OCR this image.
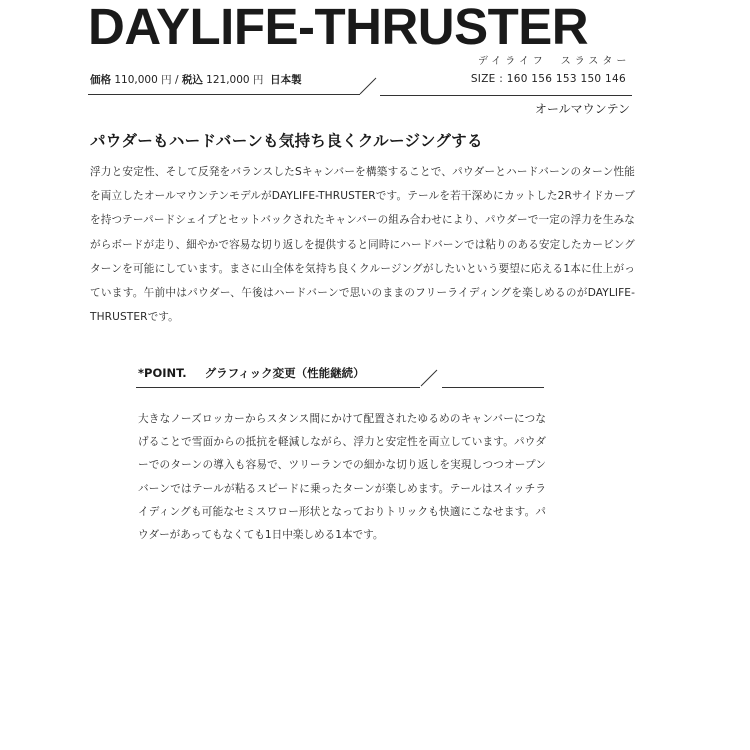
DAYLIFE-THRUSTER
デイライフ　スラスター
価格 110,000 円 / 税込 121,000 円 日本製	SIZE : 160 156 153 150 146
オールマウンテン
パウダーもハードバーンも気持ち良くクルージングする
浮力と安定性、そして反発をバランスしたSキャンバーを構築することで、パウダーとハードバーンのターン性能を両立したオールマウンテンモデルがDAYLIFE-THRUSTERです。テールを若干深めにカットした2Rサイドカーブを持つテーパードシェイプとセットバックされたキャンバーの組み合わせにより、パウダーで一定の浮力を生みながらボードが走り、細やかで容易な切り返しを提供すると同時にハードバーンでは粘りのある安定したカービングターンを可能にしています。まさに山全体を気持ち良くクルージングがしたいという要望に応える1本に仕上がっています。午前中はパウダー、午後はハードバーンで思いのままのフリーライディングを楽しめるのがDAYLIFE-THRUSTERです。
*POINT. グラフィック変更（性能継続）
大きなノーズロッカーからスタンス間にかけて配置されたゆるめのキャンバーにつなげることで雪面からの抵抗を軽減しながら、浮力と安定性を両立しています。パウダーでのターンの導入も容易で、ツリーランでの細かな切り返しを実現しつつオープンバーンではテールが粘るスピードに乗ったターンが楽しめます。テールはスイッチライディングも可能なセミスワロー形状となっておりトリックも快適にこなせます。パウダーがあってもなくても1日中楽しめる1本です。
